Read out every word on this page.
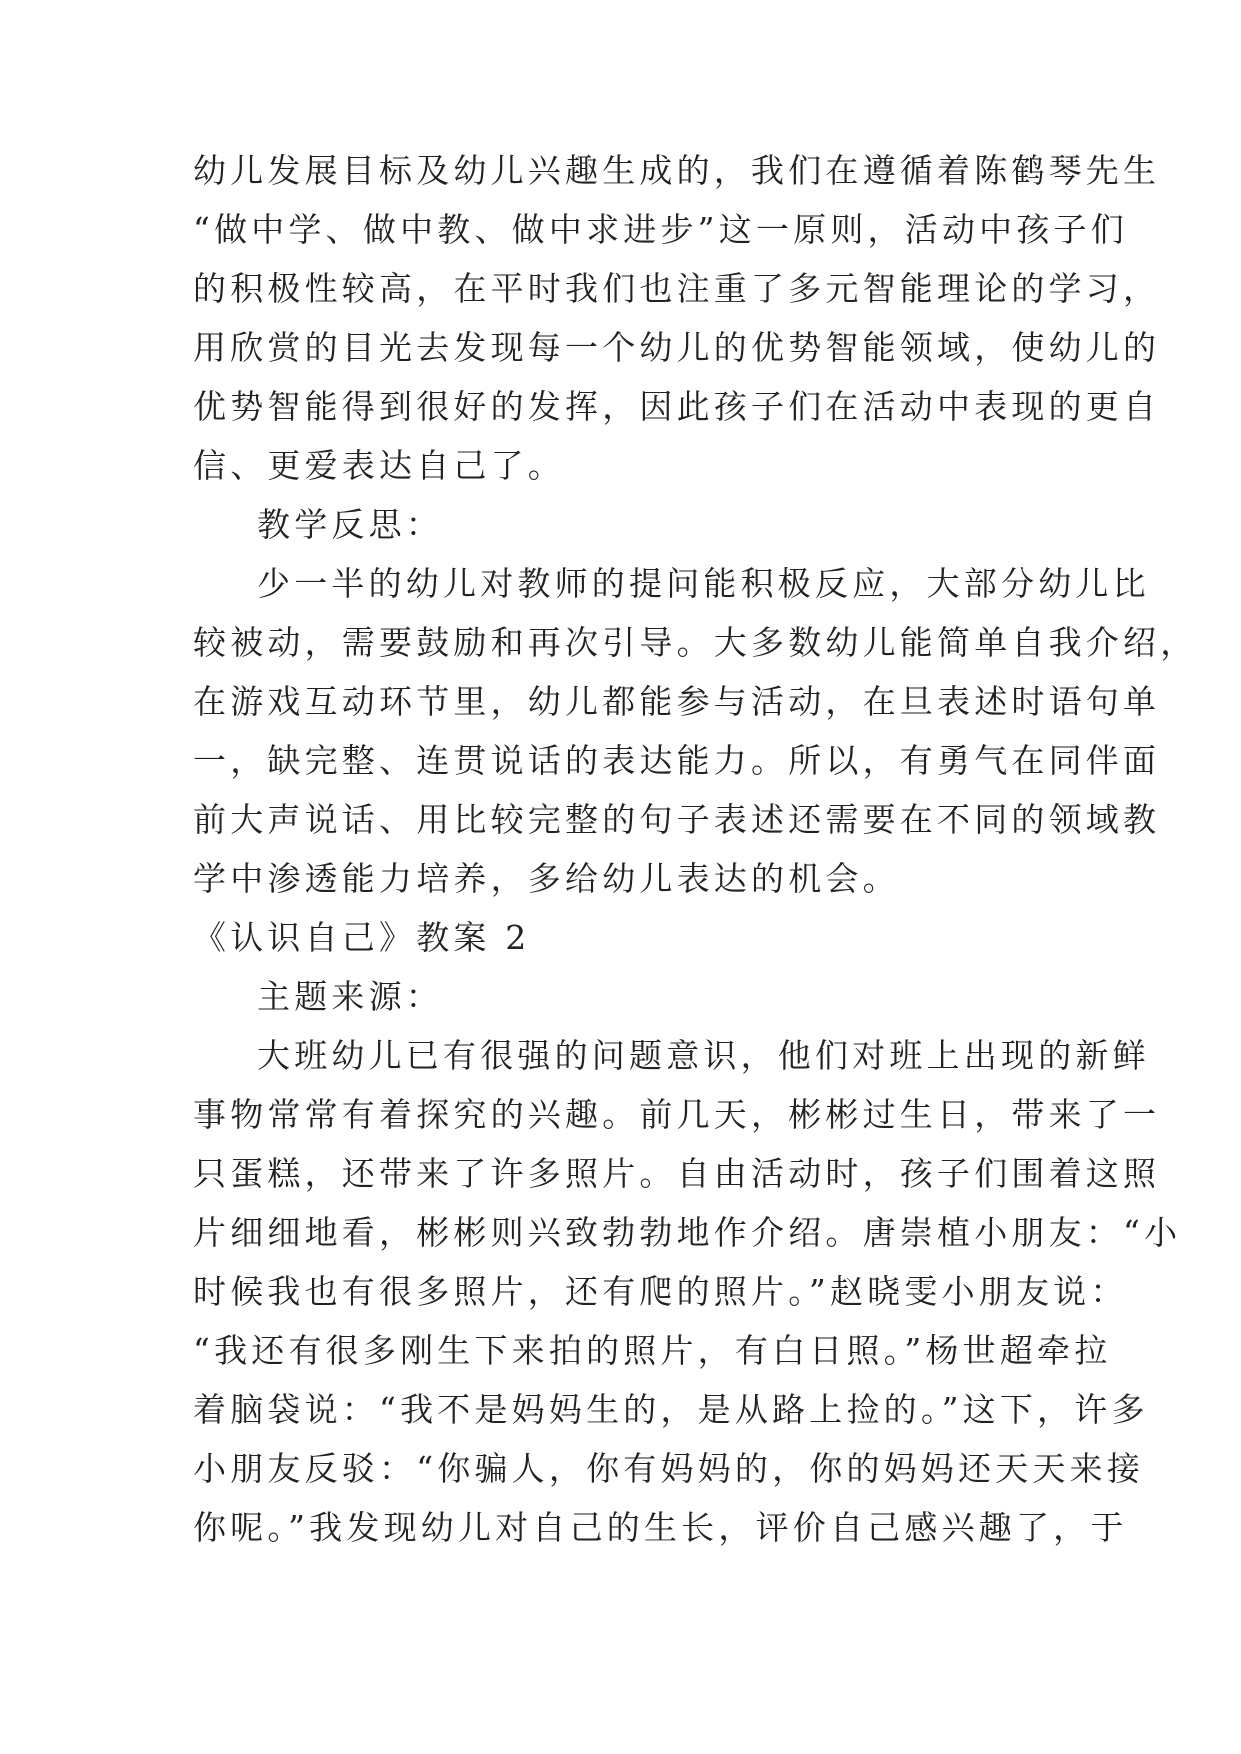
幼儿发展目标及幼儿兴趣生成的，我们在遵循着陈鹤琴先生
“做中学、做中教、做中求进步”这一原则，活动中孩子们
的积极性较高，在平时我们也注重了多元智能理论的学习，
用欣赏的目光去发现每一个幼儿的优势智能领域，使幼儿的
优势智能得到很好的发挥，因此孩子们在活动中表现的更自
信、更爱表达自己了。
教学反思：
少一半的幼儿对教师的提问能积极反应，大部分幼儿比
较被动，需要鼓励和再次引导。大多数幼儿能简单自我介绍，
在游戏互动环节里，幼儿都能参与活动，在旦表述时语句单
一，缺完整、连贯说话的表达能力。所以，有勇气在同伴面
前大声说话、用比较完整的句子表述还需要在不同的领域教
学中渗透能力培养，多给幼儿表达的机会。
《认识自己》教案 2
主题来源：
大班幼儿已有很强的问题意识，他们对班上出现的新鲜
事物常常有着探究的兴趣。前几天，彬彬过生日，带来了一
只蛋糕，还带来了许多照片。自由活动时，孩子们围着这照
片细细地看，彬彬则兴致勃勃地作介绍。唐崇植小朋友：“小
时候我也有很多照片，还有爬的照片。”赵晓雯小朋友说：
“我还有很多刚生下来拍的照片，有白日照。”杨世超牵拉
着脑袋说：“我不是妈妈生的，是从路上捡的。”这下，许多
小朋友反驳：“你骗人，你有妈妈的，你的妈妈还天天来接
你呢。”我发现幼儿对自己的生长，评价自己感兴趣了，于
